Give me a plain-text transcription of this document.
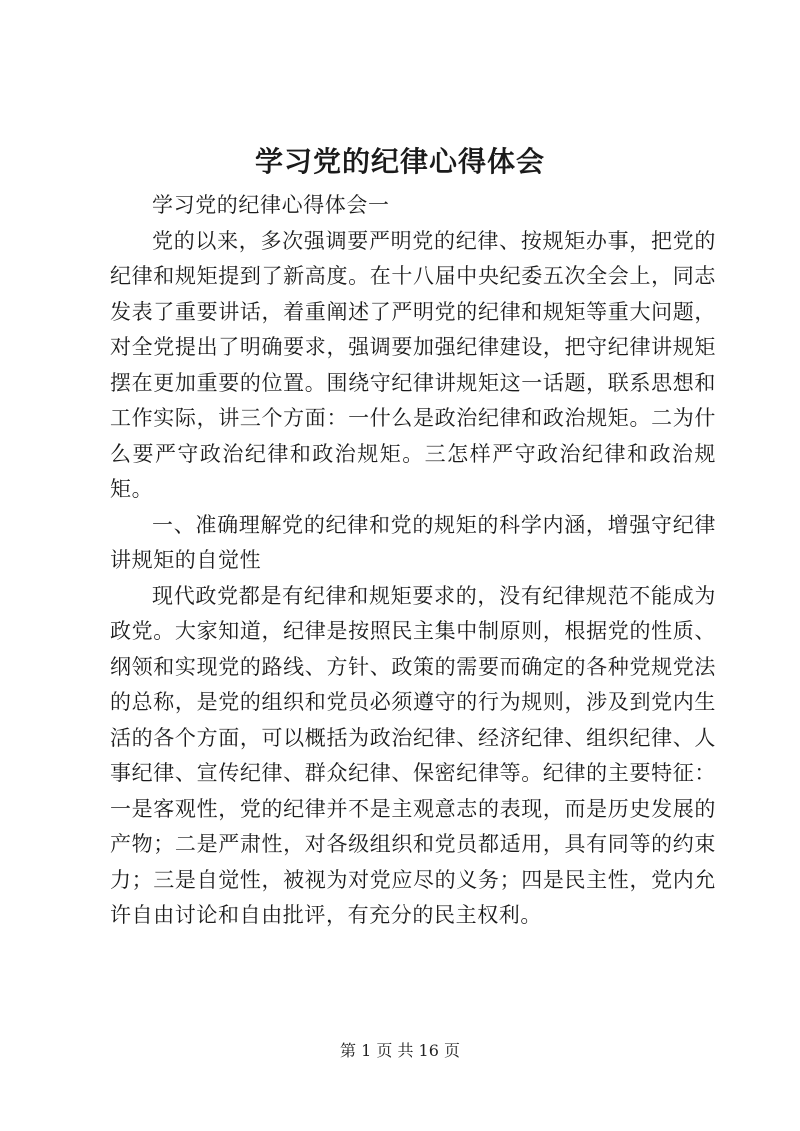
学习党的纪律心得体会

学习党的纪律心得体会一

党的以来，多次强调要严明党的纪律、按规矩办事，把党的纪律和规矩提到了新高度。在十八届中央纪委五次全会上，同志发表了重要讲话，着重阐述了严明党的纪律和规矩等重大问题，对全党提出了明确要求，强调要加强纪律建设，把守纪律讲规矩摆在更加重要的位置。围绕守纪律讲规矩这一话题，联系思想和工作实际，讲三个方面：一什么是政治纪律和政治规矩。二为什么要严守政治纪律和政治规矩。三怎样严守政治纪律和政治规矩。

一、准确理解党的纪律和党的规矩的科学内涵，增强守纪律讲规矩的自觉性

现代政党都是有纪律和规矩要求的，没有纪律规范不能成为政党。大家知道，纪律是按照民主集中制原则，根据党的性质、纲领和实现党的路线、方针、政策的需要而确定的各种党规党法的总称，是党的组织和党员必须遵守的行为规则，涉及到党内生活的各个方面，可以概括为政治纪律、经济纪律、组织纪律、人事纪律、宣传纪律、群众纪律、保密纪律等。纪律的主要特征：一是客观性，党的纪律并不是主观意志的表现，而是历史发展的产物；二是严肃性，对各级组织和党员都适用，具有同等的约束力；三是自觉性，被视为对党应尽的义务；四是民主性，党内允许自由讨论和自由批评，有充分的民主权利。

第 1 页 共 16 页
